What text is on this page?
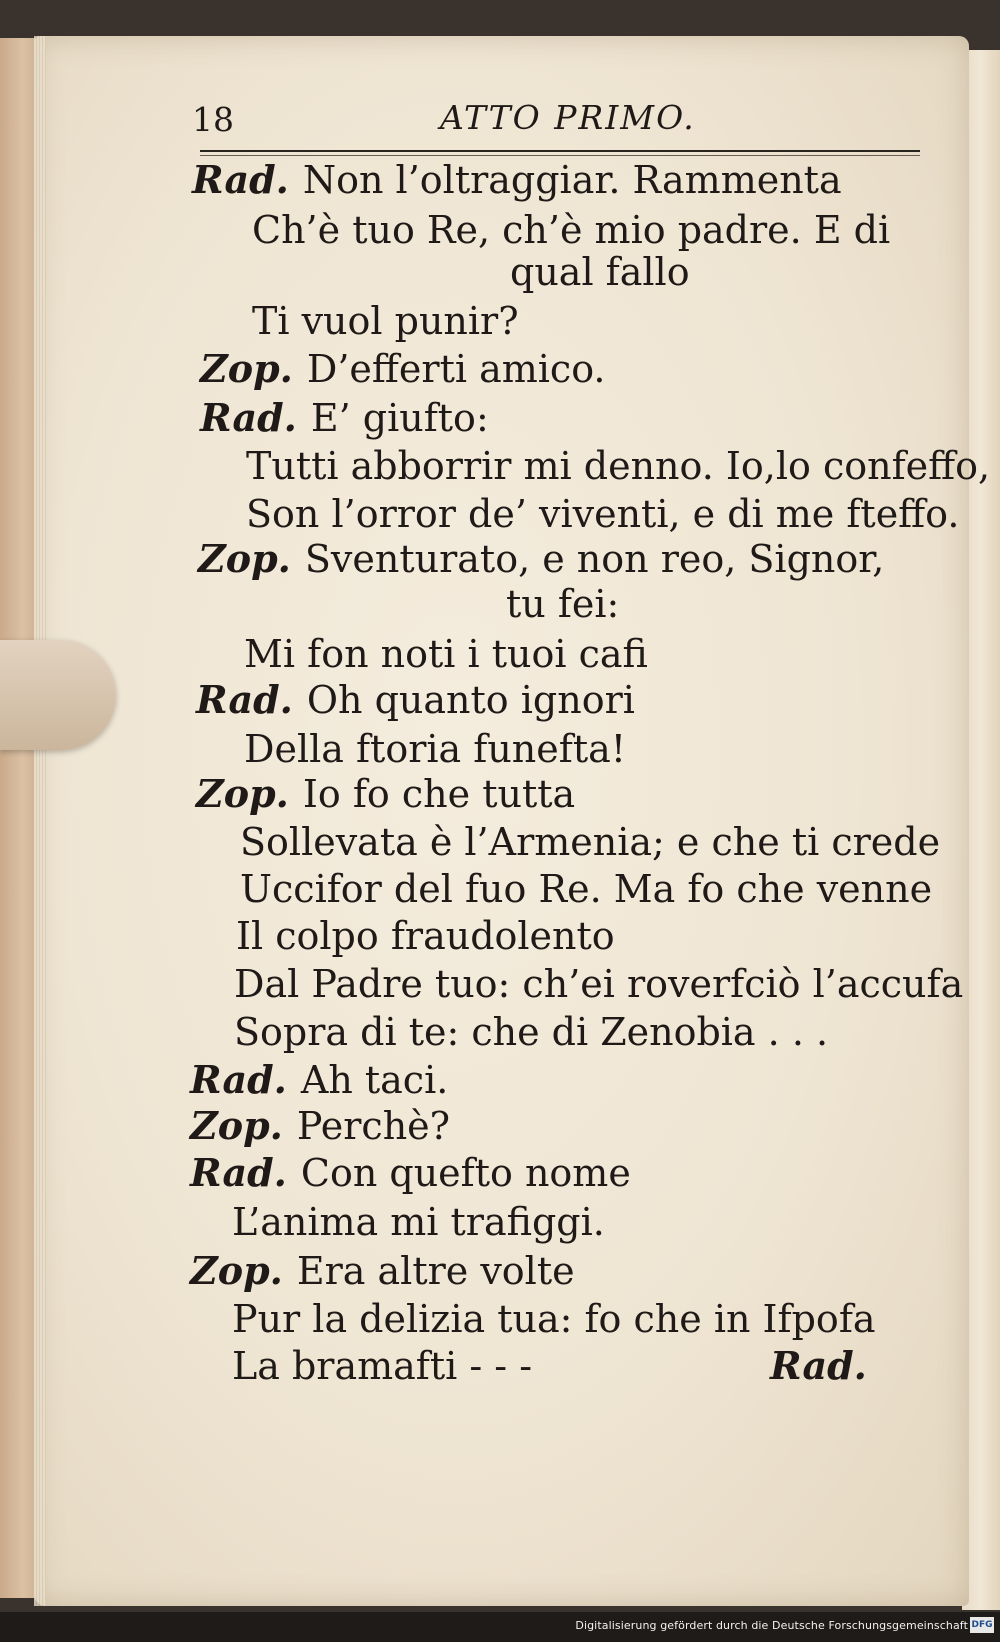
18	ATTO PRIMO.
Rad. Non l’oltraggiar. Rammenta
Ch’è tuo Re, ch’è mio padre. E di
qual fallo
Ti vuol punir?
Zop. D’efferti amico.
Rad. E’ giufto:
Tutti abborrir mi denno. Io,lo confeffo,
Son l’orror de’ viventi, e di me fteffo.
Zop. Sventurato, e non reo, Signor,
tu fei:
Mi fon noti i tuoi cafi
Rad. Oh quanto ignori
Della ftoria funefta!
Zop. Io fo che tutta
Sollevata è l’Armenia; e che ti crede
Uccifor del fuo Re. Ma fo che venne
Il colpo fraudolento
Dal Padre tuo: ch’ei roverfciò l’accufa
Sopra di te: che di Zenobia . . .
Rad. Ah taci.
Zop. Perchè?
Rad. Con quefto nome
L’anima mi trafiggi.
Zop. Era altre volte
Pur la delizia tua: fo che in Ifpofa
La bramafti - - -	Rad.
Digitalisierung gefördert durch die Deutsche Forschungsgemeinschaft DFG
